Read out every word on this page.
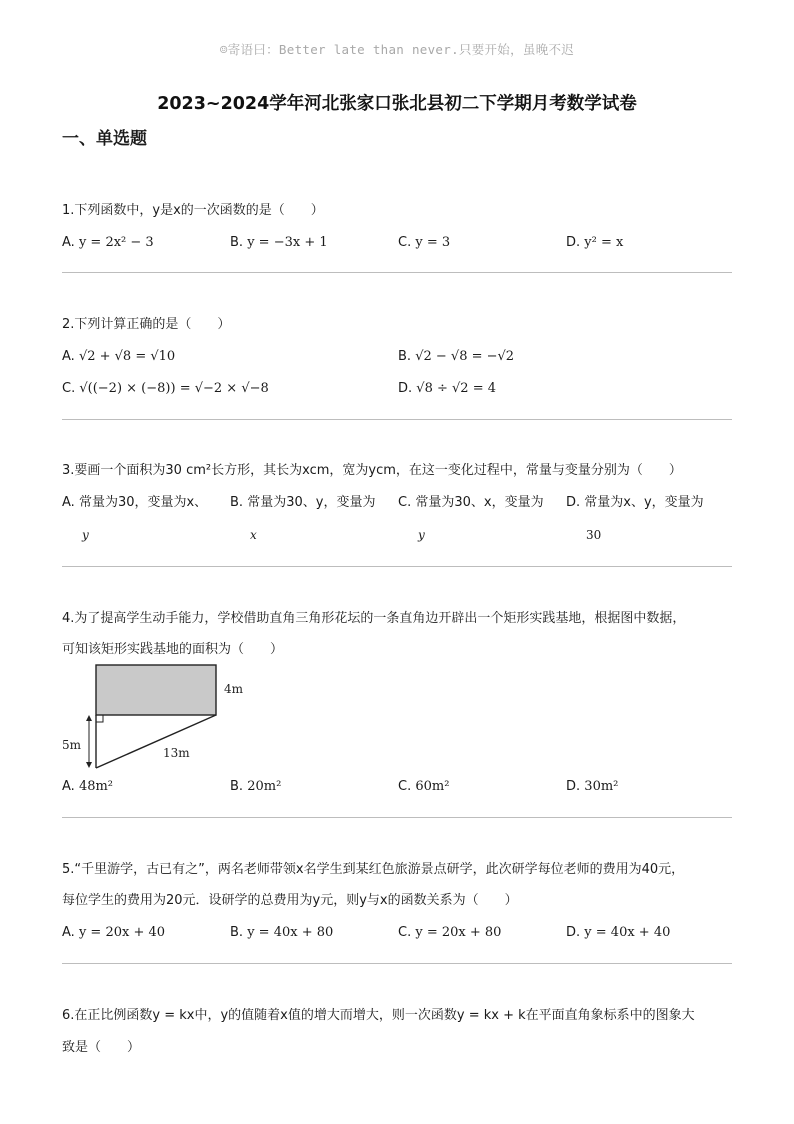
☺寄语曰：Better late than never.只要开始，虽晚不迟
2023~2024学年河北张家口张北县初二下学期月考数学试卷
一、单选题
1.下列函数中，y是x的一次函数的是（　　）
A. y = 2x² − 3	B. y = −3x + 1	C. y = 3	D. y² = x
2.下列计算正确的是（　　）
A. √2 + √8 = √10	B. √2 − √8 = −√2
C. √((−2) × (−8)) = √−2 × √−8	D. √8 ÷ √2 = 4
3.要画一个面积为30 cm²长方形，其长为xcm，宽为ycm，在这一变化过程中，常量与变量分别为（　　）
A. 常量为30，变量为x、
y
B. 常量为30、y，变量为
x
C. 常量为30、x，变量为
y
D. 常量为x、y，变量为
30
4.为了提高学生动手能力，学校借助直角三角形花坛的一条直角边开辟出一个矩形实践基地，根据图中数据，
可知该矩形实践基地的面积为（　　）
4m
5m
13m
A. 48m²	B. 20m²	C. 60m²	D. 30m²
5.“千里游学，古已有之”，两名老师带领x名学生到某红色旅游景点研学，此次研学每位老师的费用为40元，
每位学生的费用为20元．设研学的总费用为y元，则y与x的函数关系为（　　）
A. y = 20x + 40	B. y = 40x + 80	C. y = 20x + 80	D. y = 40x + 40
6.在正比例函数y = kx中，y的值随着x值的增大而增大，则一次函数y = kx + k在平面直角象标系中的图象大
致是（　　）
